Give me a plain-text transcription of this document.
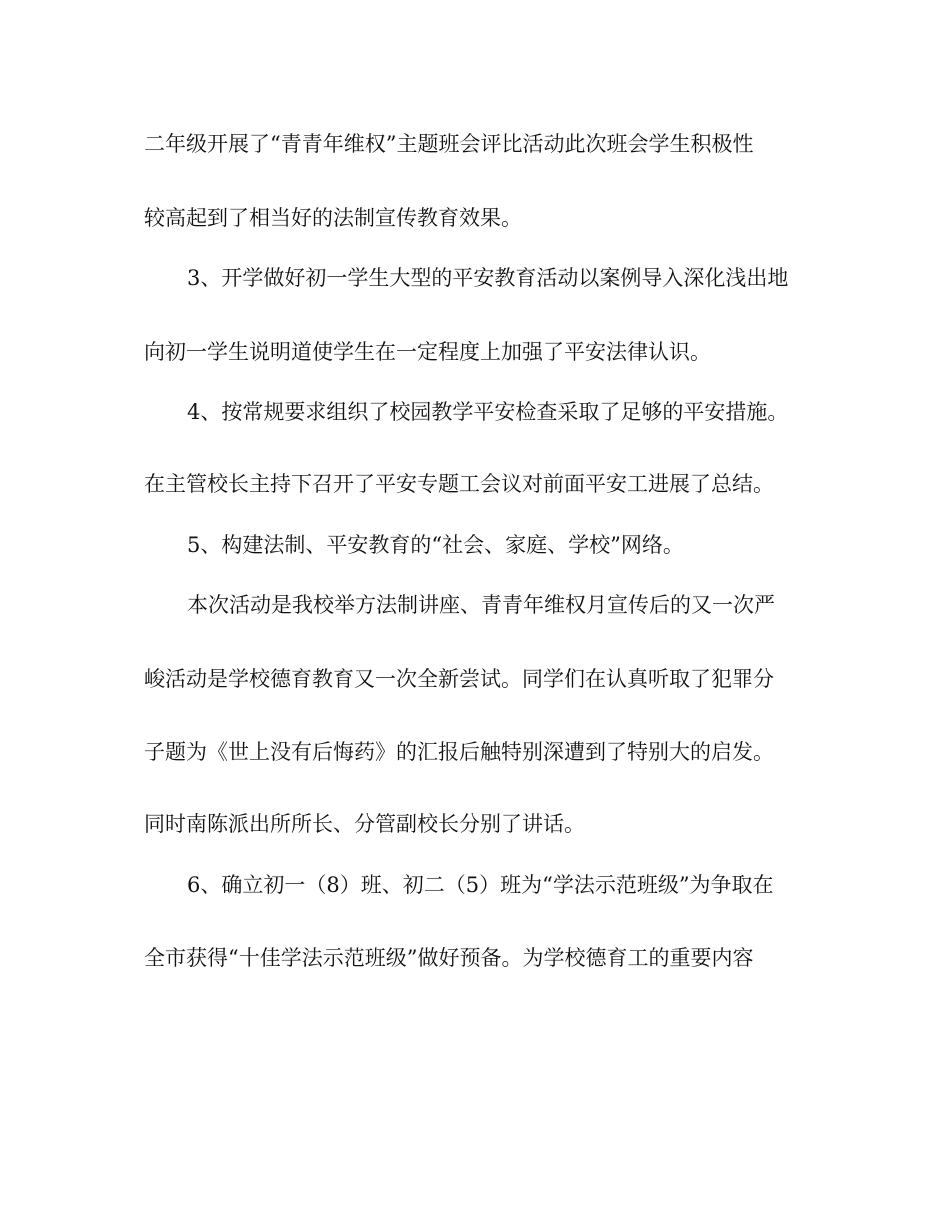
二年级开展了“青青年维权”主题班会评比活动此次班会学生积极性
较高起到了相当好的法制宣传教育效果。
3、开学做好初一学生大型的平安教育活动以案例导入深化浅出地
向初一学生说明道使学生在一定程度上加强了平安法律认识。
4、按常规要求组织了校园教学平安检查采取了足够的平安措施。
在主管校长主持下召开了平安专题工会议对前面平安工进展了总结。
5、构建法制、平安教育的“社会、家庭、学校”网络。
本次活动是我校举方法制讲座、青青年维权月宣传后的又一次严
峻活动是学校德育教育又一次全新尝试。同学们在认真听取了犯罪分
子题为《世上没有后悔药》的汇报后触特别深遭到了特别大的启发。
同时南陈派出所所长、分管副校长分别了讲话。
6、确立初一（8）班、初二（5）班为“学法示范班级”为争取在
全市获得“十佳学法示范班级”做好预备。为学校德育工的重要内容
